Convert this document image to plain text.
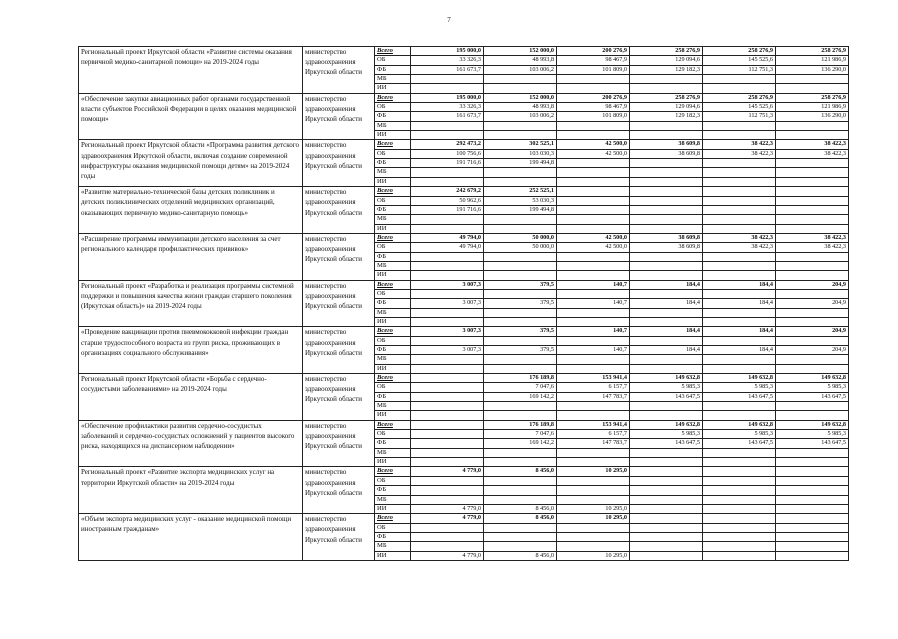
7
Региональный проект Иркутской области «Развитие системы оказания первичной медико-санитарной помощи» на 2019-2024 годы	министерство здравоохранения Иркутской области	Всего	195 000,0	152 000,0	200 276,9	258 276,9	258 276,9	258 276,9
		ОБ	33 326,3	48 993,8	98 467,9	129 094,6	145 525,6	121 986,9
		ФБ	161 673,7	103 006,2	101 809,0	129 182,3	112 751,3	136 290,0
		МБ						
		ИИ						
«Обеспечение закупки авиационных работ органами государственной власти субъектов Российской Федерации в целях оказания медицинской помощи»	министерство здравоохранения Иркутской области	Всего	195 000,0	152 000,0	200 276,9	258 276,9	258 276,9	258 276,9
		ОБ	33 326,3	48 993,8	98 467,9	129 094,6	145 525,6	121 986,9
		ФБ	161 673,7	103 006,2	101 809,0	129 182,3	112 751,3	136 290,0
		МБ						
		ИИ						
Региональный проект Иркутской области «Программа развития детского здравоохранения Иркутской области, включая создание современной инфраструктуры оказания медицинской помощи детям» на 2019-2024 годы	министерство здравоохранения Иркутской области	Всего	292 473,2	302 525,1	42 500,0	38 609,8	38 422,3	38 422,3
		ОБ	100 756,6	103 030,3	42 500,0	38 609,8	38 422,3	38 422,3
		ФБ	191 716,6	199 494,8				
		МБ						
		ИИ						
«Развитие материально-технической базы детских поликлиник и детских поликлинических отделений медицинских организаций, оказывающих первичную медико-санитарную помощь»	министерство здравоохранения Иркутской области	Всего	242 679,2	252 525,1				
		ОБ	50 962,6	53 030,3				
		ФБ	191 716,6	199 494,8				
		МБ						
		ИИ						
«Расширение программы иммунизации детского населения за счет регионального календаря профилактических прививок»	министерство здравоохранения Иркутской области	Всего	49 794,0	50 000,0	42 500,0	38 609,8	38 422,3	38 422,3
		ОБ	49 794,0	50 000,0	42 500,0	38 609,8	38 422,3	38 422,3
		ФБ						
		МБ						
		ИИ						
Региональный проект «Разработка и реализация программы системной поддержки и повышения качества жизни граждан старшего поколения (Иркутская область)» на 2019-2024 годы	министерство здравоохранения Иркутской области	Всего	3 007,3	379,5	140,7	184,4	184,4	204,9
		ОБ						
		ФБ	3 007,3	379,5	140,7	184,4	184,4	204,9
		МБ						
		ИИ						
«Проведение вакцинации против пневмококковой инфекции граждан старше трудоспособного возраста из групп риска, проживающих в организациях социального обслуживания»	министерство здравоохранения Иркутской области	Всего	3 007,3	379,5	140,7	184,4	184,4	204,9
		ОБ						
		ФБ	3 007,3	379,5	140,7	184,4	184,4	204,9
		МБ						
		ИИ						
Региональный проект Иркутской области «Борьба с сердечно-сосудистыми заболеваниями» на 2019-2024 годы	министерство здравоохранения Иркутской области	Всего		176 189,8	153 941,4	149 632,8	149 632,8	149 632,8
		ОБ		7 047,6	6 157,7	5 985,3	5 985,3	5 985,3
		ФБ		169 142,2	147 783,7	143 647,5	143 647,5	143 647,5
		МБ						
		ИИ						
«Обеспечение профилактики развития сердечно-сосудистых заболеваний и сердечно-сосудистых осложнений у пациентов высокого риска, находящихся на диспансерном наблюдении»	министерство здравоохранения Иркутской области	Всего		176 189,8	153 941,4	149 632,8	149 632,8	149 632,8
		ОБ		7 047,6	6 157,7	5 985,3	5 985,3	5 985,3
		ФБ		169 142,2	147 783,7	143 647,5	143 647,5	143 647,5
		МБ						
		ИИ						
Региональный проект «Развитие экспорта медицинских услуг на территории Иркутской области» на 2019-2024 годы	министерство здравоохранения Иркутской области	Всего	4 779,0	8 456,0	10 295,0			
		ОБ						
		ФБ						
		МБ						
		ИИ	4 779,0	8 456,0	10 295,0			
«Объем экспорта медицинских услуг - оказание медицинской помощи иностранным гражданам»	министерство здравоохранения Иркутской области	Всего	4 779,0	8 456,0	10 295,0			
		ОБ						
		ФБ						
		МБ						
		ИИ	4 779,0	8 456,0	10 295,0			
